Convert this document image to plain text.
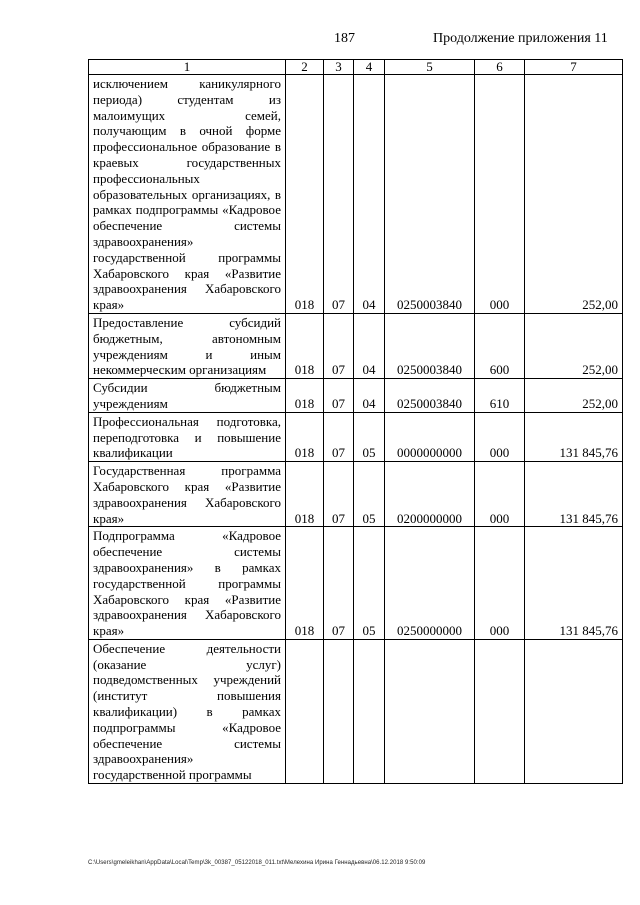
187	Продолжение приложения 11
1	2	3	4	5	6	7
исключением каникулярного периода) студентам из малоимущих семей, получающим в очной форме профессиональное образование в краевых государственных профессиональных образовательных организациях, в рамках подпрограммы «Кадровое обеспечение системы здравоохранения» государственной программы Хабаровского края «Развитие здравоохранения Хабаровского края»	018	07	04	0250003840	000	252,00
Предоставление субсидий бюджетным, автономным учреждениям и иным некоммерческим организациям	018	07	04	0250003840	600	252,00
Субсидии бюджетным учреждениям	018	07	04	0250003840	610	252,00
Профессиональная подготовка, переподготовка и повышение квалификации	018	07	05	0000000000	000	131 845,76
Государственная программа Хабаровского края «Развитие здравоохранения Хабаровского края»	018	07	05	0200000000	000	131 845,76
Подпрограмма «Кадровое обеспечение системы здравоохранения» в рамках государственной программы Хабаровского края «Развитие здравоохранения Хабаровского края»	018	07	05	0250000000	000	131 845,76
Обеспечение деятельности (оказание услуг) подведомственных учреждений (институт повышения квалификации) в рамках подпрограммы «Кадровое обеспечение системы здравоохранения» государственной программы						
C:\Users\gmeleikhan\AppData\Local\Temp\3k_00387_05122018_011.txt\Мелехина Ирина Геннадьевна\06.12.2018 9:50:09
